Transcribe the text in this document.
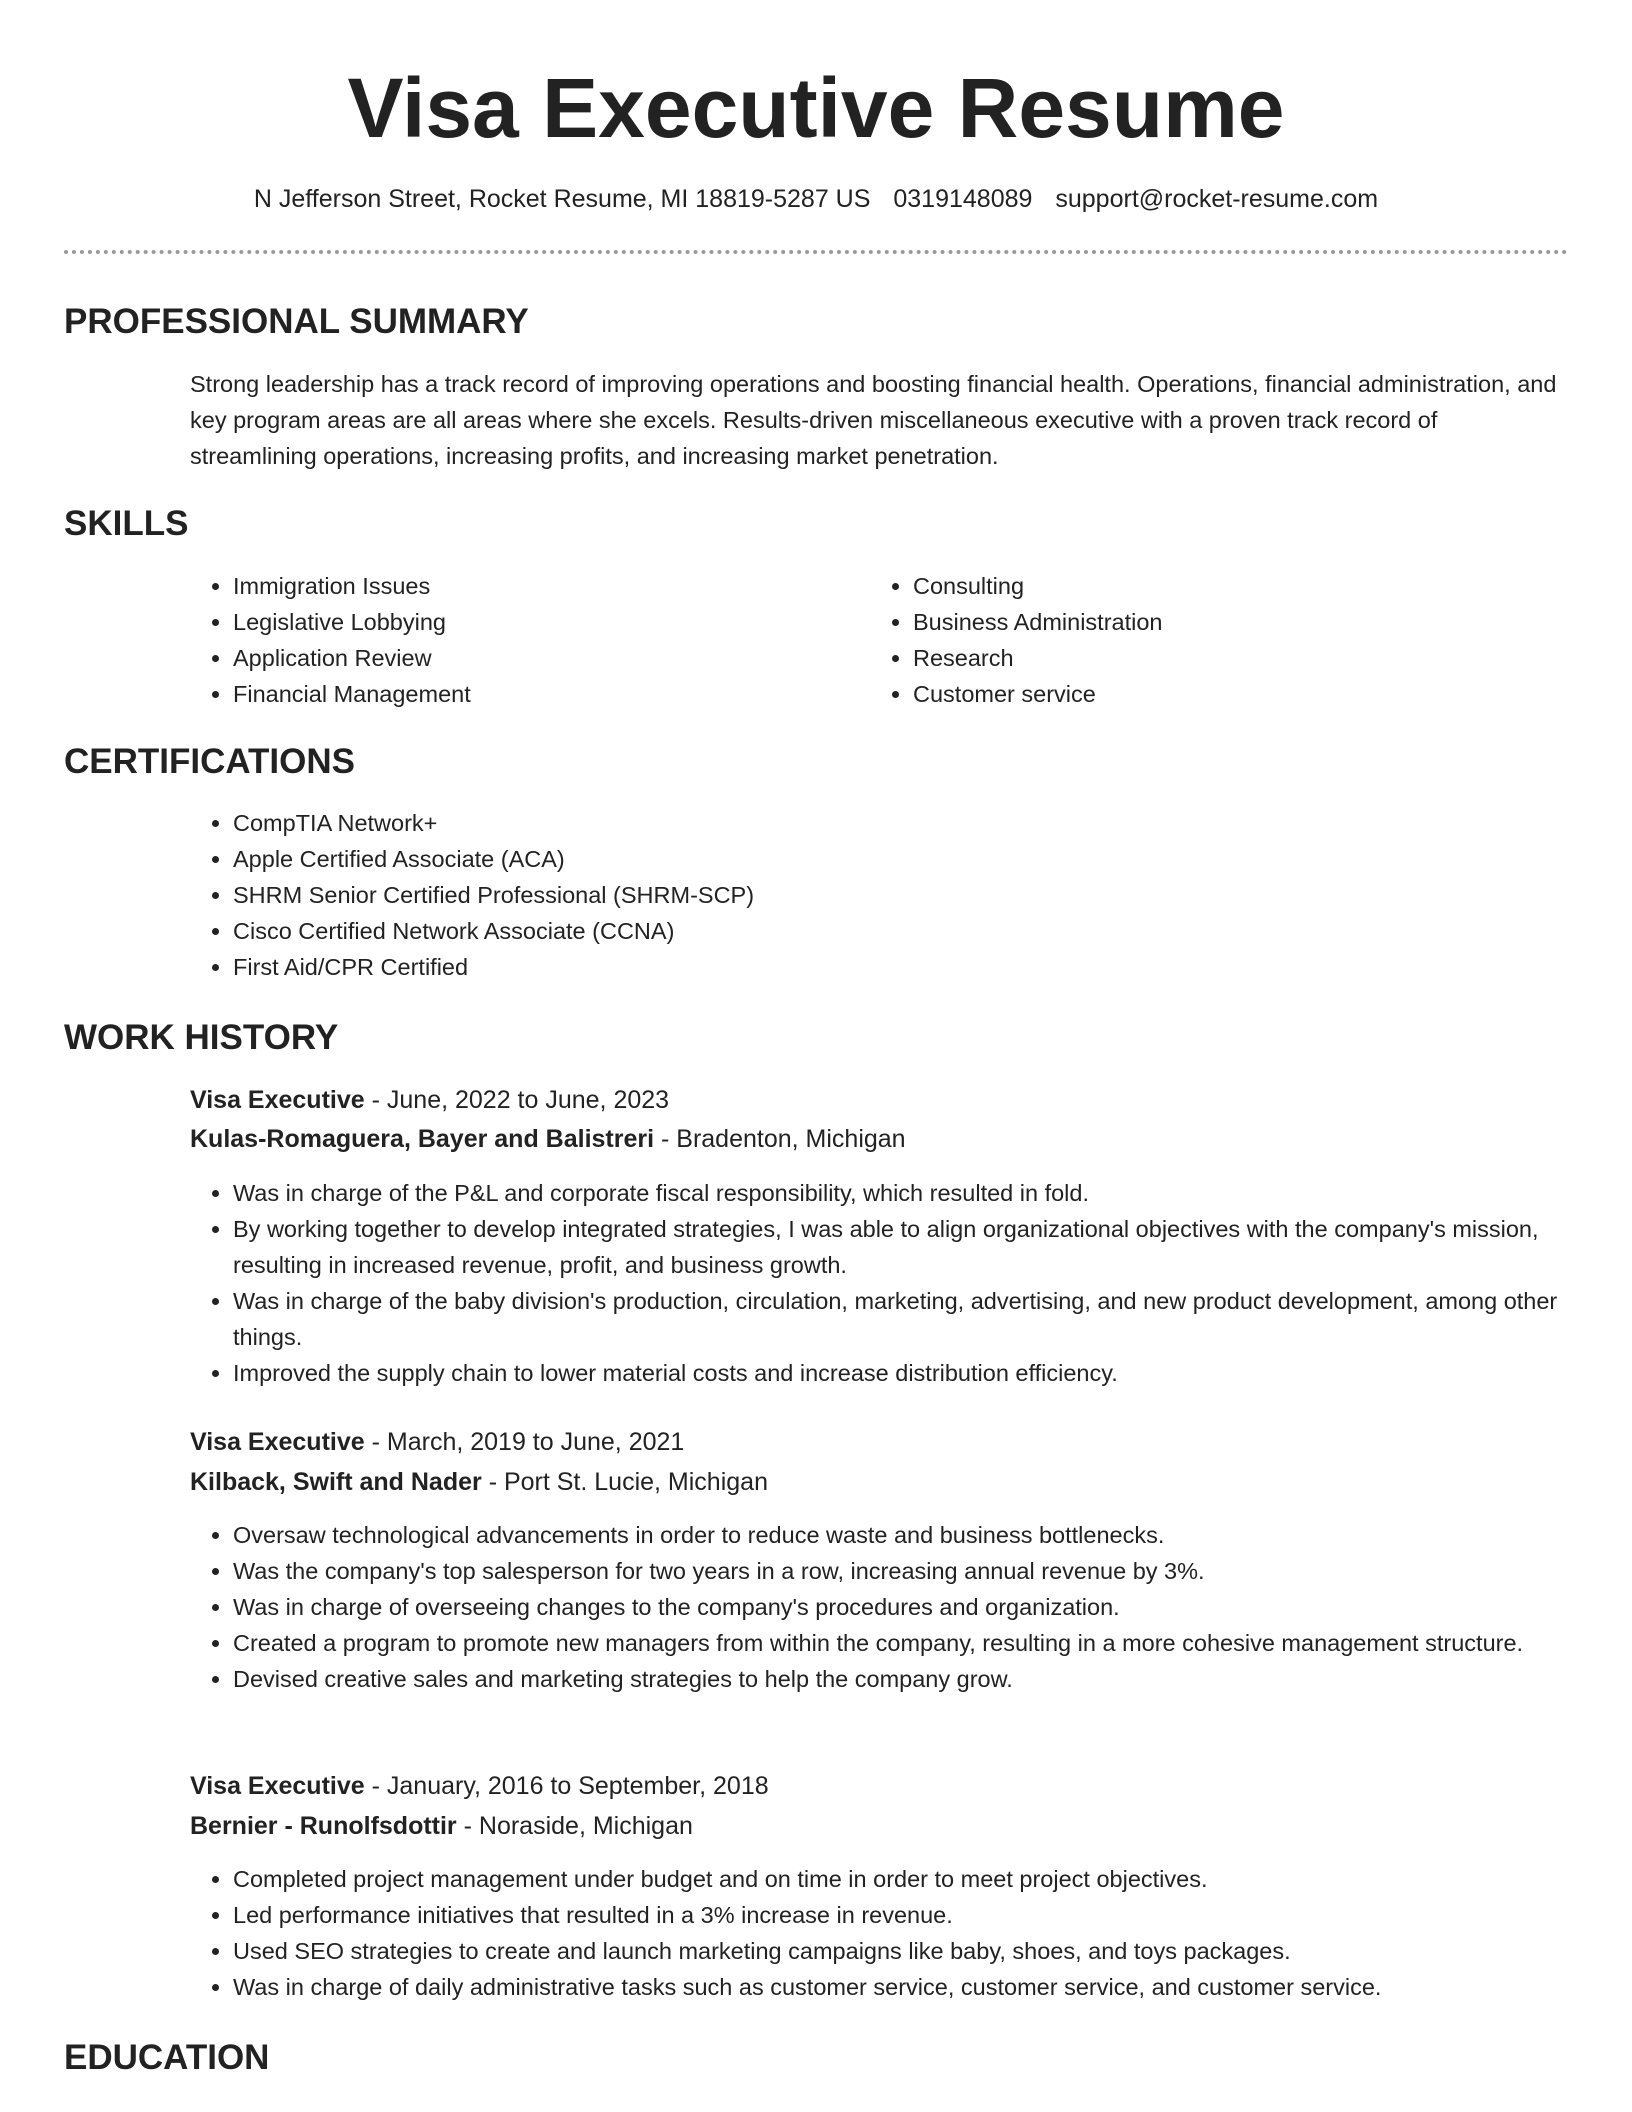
Visa Executive Resume
N Jefferson Street, Rocket Resume, MI 18819-5287 US 0319148089 support@rocket-resume.com
PROFESSIONAL SUMMARY

Strong leadership has a track record of improving operations and boosting financial health. Operations, financial administration, and key program areas are all areas where she excels. Results-driven miscellaneous executive with a proven track record of streamlining operations, increasing profits, and increasing market penetration.

SKILLS
• Immigration Issues
• Legislative Lobbying
• Application Review
• Financial Management
• Consulting
• Business Administration
• Research
• Customer service
CERTIFICATIONS
• CompTIA Network+
• Apple Certified Associate (ACA)
• SHRM Senior Certified Professional (SHRM-SCP)
• Cisco Certified Network Associate (CCNA)
• First Aid/CPR Certified
WORK HISTORY
Visa Executive - June, 2022 to June, 2023
Kulas-Romaguera, Bayer and Balistreri - Bradenton, Michigan
• Was in charge of the P&L and corporate fiscal responsibility, which resulted in fold.
• By working together to develop integrated strategies, I was able to align organizational objectives with the company's mission, resulting in increased revenue, profit, and business growth.
• Was in charge of the baby division's production, circulation, marketing, advertising, and new product development, among other things.
• Improved the supply chain to lower material costs and increase distribution efficiency.
Visa Executive - March, 2019 to June, 2021
Kilback, Swift and Nader - Port St. Lucie, Michigan
• Oversaw technological advancements in order to reduce waste and business bottlenecks.
• Was the company's top salesperson for two years in a row, increasing annual revenue by 3%.
• Was in charge of overseeing changes to the company's procedures and organization.
• Created a program to promote new managers from within the company, resulting in a more cohesive management structure.
• Devised creative sales and marketing strategies to help the company grow.
Visa Executive - January, 2016 to September, 2018
Bernier - Runolfsdottir - Noraside, Michigan
• Completed project management under budget and on time in order to meet project objectives.
• Led performance initiatives that resulted in a 3% increase in revenue.
• Used SEO strategies to create and launch marketing campaigns like baby, shoes, and toys packages.
• Was in charge of daily administrative tasks such as customer service, customer service, and customer service.
EDUCATION
